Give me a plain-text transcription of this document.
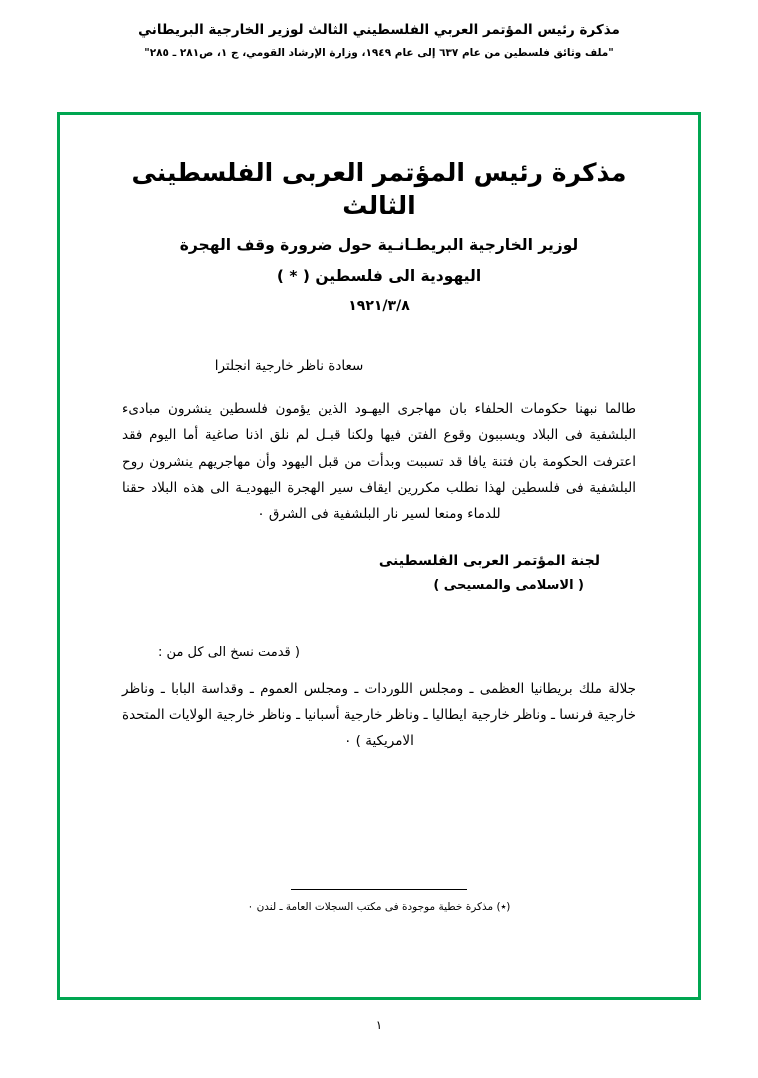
مذكرة رئيس المؤتمر العربي الفلسطيني الثالث لوزير الخارجية البريطاني
"ملف وثائق فلسطين من عام ٦٣٧ إلى عام ١٩٤٩، وزارة الإرشاد القومي، ج ١، ص٢٨١ ـ ٢٨٥"
مذكرة رئيس المؤتمر العربى الفلسطينى الثالث
لوزير الخارجية البريطـانـية حول ضرورة وقف الهجرة
اليهودية الى فلسطين ( * )
١٩٢١/٣/٨
سعادة ناظر خارجية انجلترا
طالما نبهنا حكومات الحلفاء بان مهاجرى اليهـود الذين يؤمون فلسطين ينشرون مبادىء البلشفية فى البلاد ويسببون وقوع الفتن فيها ولكنا قبـل لم نلق اذنا صاغية أما اليوم فقد اعترفت الحكومة بان فتنة يافا قد تسببت وبدأت من قبل اليهود وأن مهاجريهم ينشرون روح البلشفية فى فلسطين لهذا نطلب مكررين ايقاف سير الهجرة اليهوديـة الى هذه البلاد حقنا للدماء ومنعا لسير نار البلشفية فى الشرق ٠
لجنة المؤتمر العربى الفلسطينى
( الاسلامى والمسيحى )
( قدمت نسخ الى كل من :
جلالة ملك بريطانيا العظمى ـ ومجلس اللوردات ـ ومجلس العموم ـ وقداسة البابا ـ وناظر خارجية فرنسا ـ وناظر خارجية ايطاليا ـ وناظر خارجية أسبانيا ـ وناظر خارجية الولايات المتحدة الامريكية ) ٠
(٭) مذكرة خطية موجودة فى مكتب السجلات العامة ـ لندن ٠
١
